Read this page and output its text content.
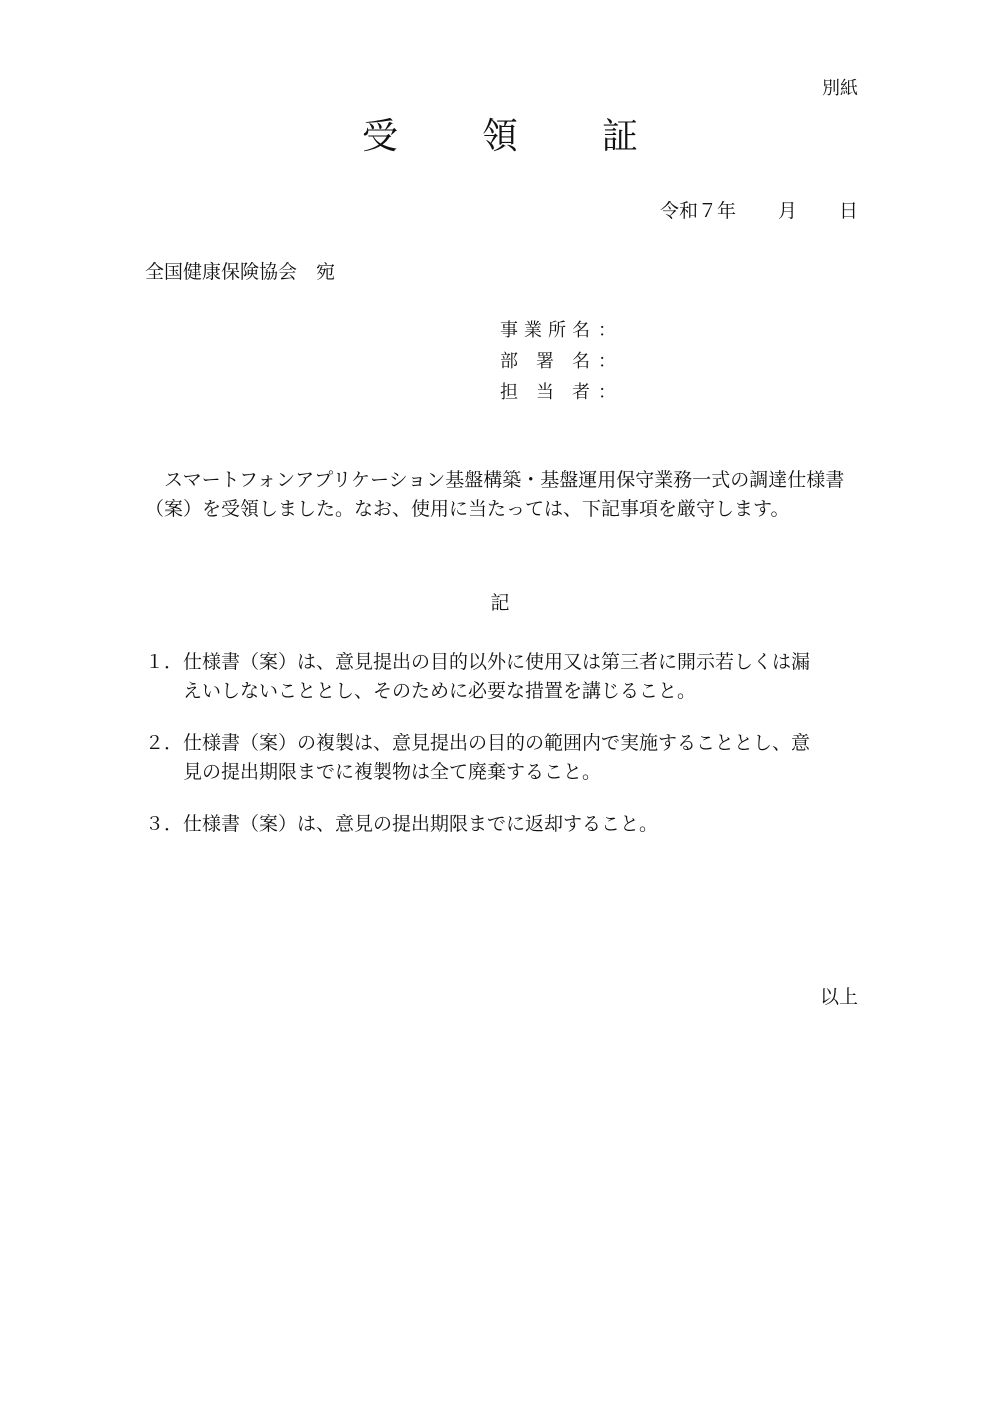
別紙
受 領 証
令和７年 月 日
全国健康保険協会　宛
事業所名 ：
部署名 ：
担当者 ：
スマートフォンアプリケーション基盤構築・基盤運用保守業務一式の調達仕様書
（案）を受領しました。なお、使用に当たっては、下記事項を厳守します。
記
１． 仕様書（案）は、意見提出の目的以外に使用又は第三者に開示若しくは漏
えいしないこととし、そのために必要な措置を講じること。
２． 仕様書（案）の複製は、意見提出の目的の範囲内で実施することとし、意
見の提出期限までに複製物は全て廃棄すること。
３． 仕様書（案）は、意見の提出期限までに返却すること。
以上
